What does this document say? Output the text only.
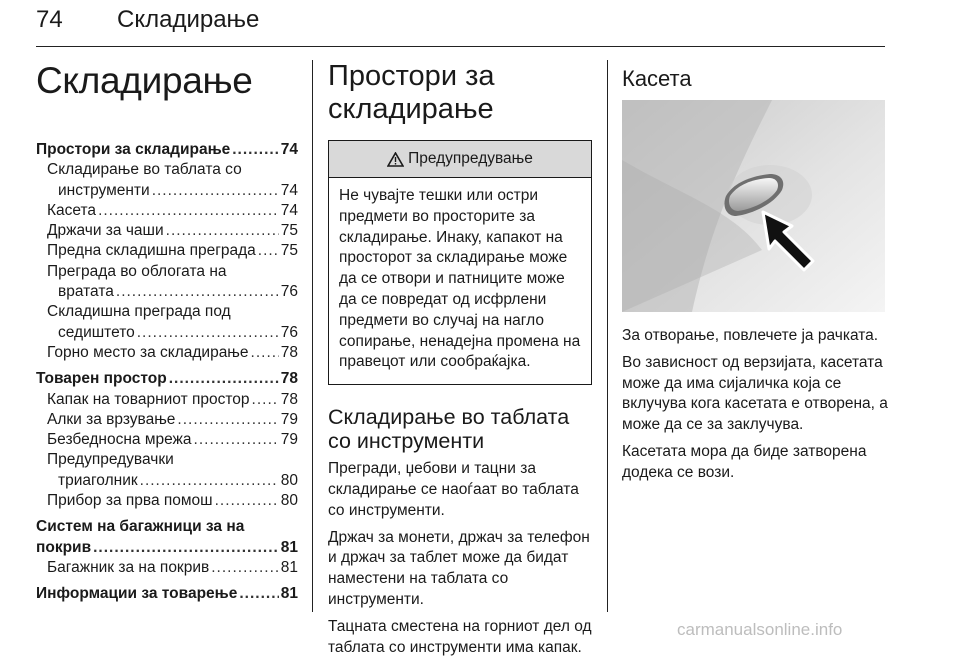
74 Складирање
Складирање
Простори за складирање .....	74
Складирање во таблата со
инструменти .....	74
Касета .....	74
Држачи за чаши .....	75
Предна складишна преграда ..... 75
Преграда во облогата на
вратата .....	76
Складишна преграда под
седиштето .....	76
Горно место за складирање ..... 78
Товарен простор .....	78
Капак на товарниот простор ..... 78
Алки за врзување .....	79
Безбедносна мрежа .....	79
Предупредувачки
триаголник .....	80
Прибор за прва помош .....	80
Систем на багажници за на
покрив .....	81
Багажник за на покрив .....	81
Информации за товарење .....	81
Простори за
складирање
Предупредување
Не чувајте тешки или остри предмети во просторите за складирање. Инаку, капакот на просторот за складирање може да се отвори и патниците може да се повредат од исфрлени предмети во случај на нагло сопирање, ненадејна промена на правецот или сообраќајка.
Складирање во таблата со инструменти

Прегради, џебови и тацни за складирање се наоѓаат во таблата со инструменти.

Држач за монети, држач за телефон и држач за таблет може да бидат наместени на таблата со инструменти.

Тацната сместена на горниот дел од таблата со инструменти има капак.

Касета

За отворање, повлечете ја рачката.

Во зависност од верзијата, касетата може да има сијаличка која се вклучува кога касетата е отворена, а може да се за заклучува.

Касетата мора да биде затворена додека се вози.

carmanualsonline.info
